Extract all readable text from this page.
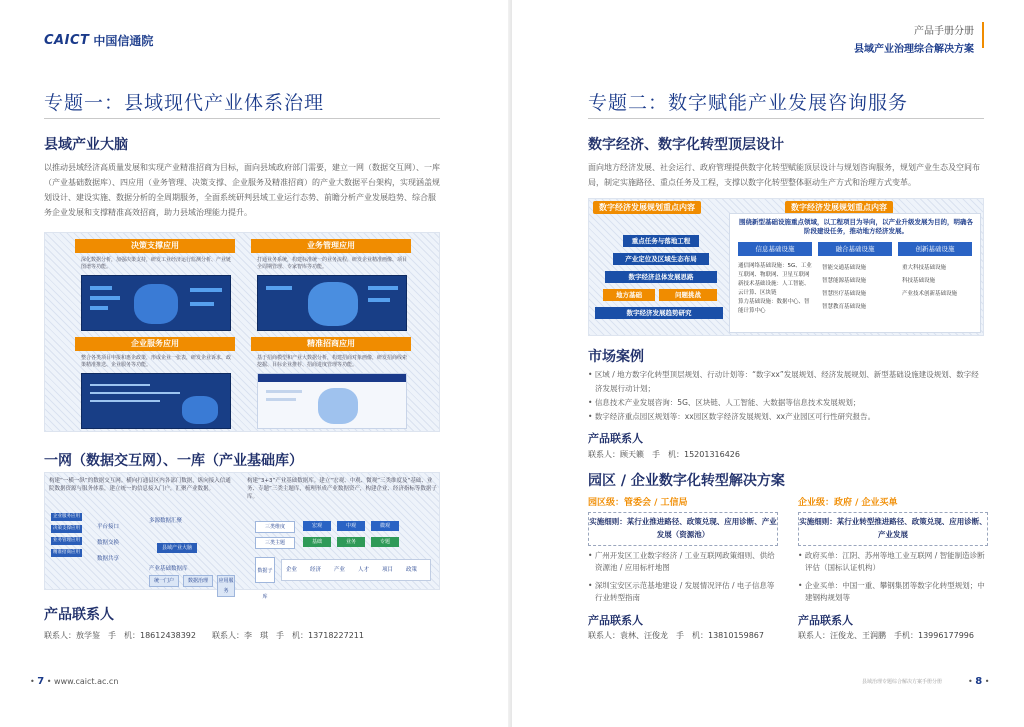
CAICT 中国信通院
专题一：县域现代产业体系治理
县域产业大脑
以推动县域经济高质量发展和实现产业精准招商为目标，面向县域政府部门需要，建立一网（数据交互网）、一库（产业基础数据库）、四应用（业务管理、决策支撑、企业服务及精准招商）的产业大数据平台架构，实现涵盖规划设计、建设实施、数据分析的全周期服务，全面系统研判县域工业运行态势、前瞻分析产业发展趋势、综合服务企业发展和支撑精准高效招商，助力县域治理能力提升。
决策支撑应用
深化数据分析，加强决策支持，研发工业经济运行监测分析、产业链图谱等功能。
业务管理应用
打通业务系统，构建标准统一的业务流程，研发企业精准画像、项目全周期管理、专家智库等功能。
企业服务应用
整合各类项目申报和惠企政策，形成企业一张表，研发企业诉求、政策精准推送、企业服务等功能。
精准招商应用
基于招商模型和产业大数据分析，构建招商对象画像，研发招商线索挖掘、目标企业推荐、招商进度管理等功能。
一网（数据交互网）、一库（产业基础库）
构建“一横一纵”的数据交互网。横向打通县区内各部门数据，纵向接入信通院数据资源与服务体系，建立统一的信息接入门户，汇聚产业数据。
构建“3+3”产业基础数据库。建立“宏观、中观、微观”三类维度及“基础、业务、专题”三类主题库，梳理形成产业数据资产，构建企业、经济指标等数据子库。
企业服务应用
决策支撑应用
业务管理应用
精准招商应用
平台接口
数据交换
数据共享
县域产业大脑
多源数据汇聚
产业基础数据库
统一门户	数据治理	应用服务
三类维度	宏观	中观	微观
三类主题	基础	业务	专题
数据子库
企业 经济 产业 人才 项目 政策
产品联系人
联系人：敖学鉴　手　机：18612438392　　联系人：李　琪　手　机：13718227211
• 7 • www.caict.ac.cn
产品手册分册
县域产业治理综合解决方案
专题二：数字赋能产业发展咨询服务
数字经济、数字化转型顶层设计
面向地方经济发展、社会运行、政府管理提供数字化转型赋能顶层设计与规划咨询服务，规划产业生态及空间布局，制定实施路径、重点任务及工程，支撑以数字化转型整体驱动生产方式和治理方式变革。
数字经济发展规划重点内容	数字经济发展规划重点内容
重点任务与落地工程
产业定位及区域生态布局
数字经济总体发展思路
地方基础	问题挑战
数字经济发展趋势研究
围绕新型基础设施重点领域，以工程项目为导向，以产业升级发展为目的，明确各阶段建设任务，推动地方经济发展。
信息基础设施	融合基础设施	创新基础设施
通信网络基础设施：5G、工业互联网、物联网、卫星互联网
新技术基础设施：人工智能、云计算、区块链
算力基础设施：数据中心、智能计算中心
智能交通基础设施
智慧能源基础设施
智慧医疗基础设施
智慧教育基础设施
重大科技基础设施
科技基础设施
产业技术创新基础设施
市场案例
• 区域 / 地方数字化转型顶层规划、行动计划等：“数字xx”发展规划、经济发展规划、新型基础设施建设规划、数字经济发展行动计划；
• 信息技术产业发展咨询：5G、区块链、人工智能、大数据等信息技术发展规划；
• 数字经济重点园区规划等：xx园区数字经济发展规划、xx产业园区可行性研究报告。
产品联系人
联系人：顾天籁　手　机：15201316426
园区 / 企业数字化转型解决方案
园区级：管委会 / 工信局	企业级：政府 / 企业买单
实施细则：某行业推进路径、政策兑现、应用诊断、产业发展（资源池）
实施细则：某行业转型推进路径、政策兑现、应用诊断、产业发展
• 广州开发区工业数字经济 / 工业互联网政策细则、供给资源池 / 应用标杆地图
• 深圳宝安区示范基地建设 / 发展情况评估 / 电子信息等行业转型指南
• 政府买单：江阴、苏州等地工业互联网 / 智能制造诊断评估（国标认证机构）
• 企业买单：中国一重、攀钢集团等数字化转型规划；中建钢构规划等
产品联系人
联系人：袁林、汪俊龙　手　机：13810159867
产品联系人
联系人：汪俊龙、王润鹏　手机：13996177996
县域治理专题综合解决方案手册分册	• 8 •
